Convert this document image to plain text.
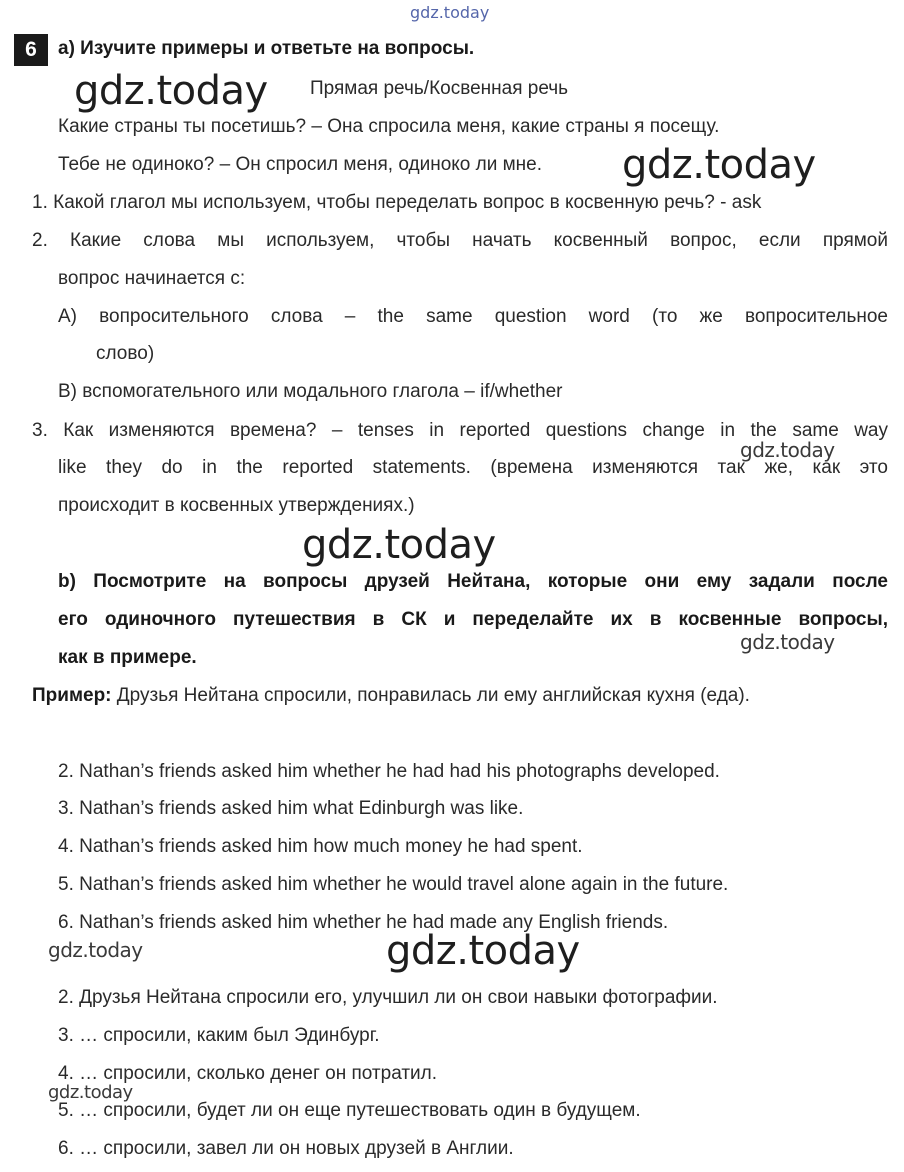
gdz.today
6	a) Изучите примеры и ответьте на вопросы.
Прямая речь/Косвенная речь
Какие страны ты посетишь? – Она спросила меня, какие страны я посещу.
Тебе не одиноко? – Он спросил меня, одиноко ли мне.
1. Какой глагол мы используем, чтобы переделать вопрос в косвенную речь? - ask
2. Какие слова мы используем, чтобы начать косвенный вопрос, если прямой
вопрос начинается с:
A) вопросительного слова – the same question word (то же вопросительное
слово)
B) вспомогательного или модального глагола – if/whether
3. Как изменяются времена? – tenses in reported questions change in the same way
like they do in the reported statements. (времена изменяются так же, как это
происходит в косвенных утверждениях.)
b) Посмотрите на вопросы друзей Нейтана, которые они ему задали после
его одиночного путешествия в СК и переделайте их в косвенные вопросы,
как в примере.
Пример: Друзья Нейтана спросили, понравилась ли ему английская кухня (еда).
2. Nathan’s friends asked him whether he had had his photographs developed.
3. Nathan’s friends asked him what Edinburgh was like.
4. Nathan’s friends asked him how much money he had spent.
5. Nathan’s friends asked him whether he would travel alone again in the future.
6. Nathan’s friends asked him whether he had made any English friends.
2. Друзья Нейтана спросили его, улучшил ли он свои навыки фотографии.
3. … спросили, каким был Эдинбург.
4. … спросили, сколько денег он потратил.
5. … спросили, будет ли он еще путешествовать один в будущем.
6. … спросили, завел ли он новых друзей в Англии.
gdz.today
gdz.today
gdz.today
gdz.today
gdz.today
gdz.today	gdz.today
gdz.today
